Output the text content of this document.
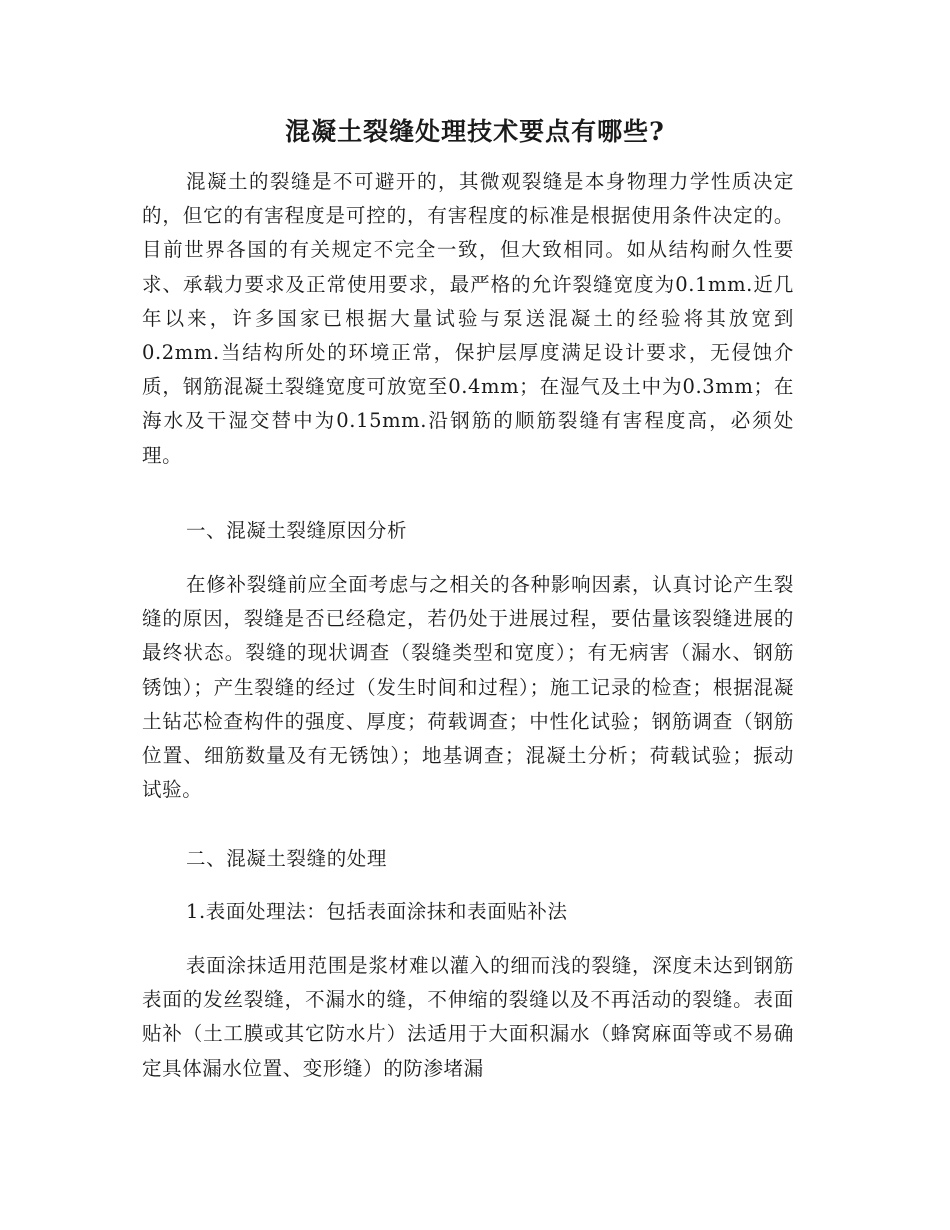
混凝土裂缝处理技术要点有哪些?

混凝土的裂缝是不可避开的，其微观裂缝是本身物理力学性质决定的，但它的有害程度是可控的，有害程度的标准是根据使用条件决定的。目前世界各国的有关规定不完全一致，但大致相同。如从结构耐久性要求、承载力要求及正常使用要求，最严格的允许裂缝宽度为0.1mm.近几年以来，许多国家已根据大量试验与泵送混凝土的经验将其放宽到0.2mm.当结构所处的环境正常，保护层厚度满足设计要求，无侵蚀介质，钢筋混凝土裂缝宽度可放宽至0.4mm；在湿气及土中为0.3mm；在海水及干湿交替中为0.15mm.沿钢筋的顺筋裂缝有害程度高，必须处理。

一、混凝土裂缝原因分析

在修补裂缝前应全面考虑与之相关的各种影响因素，认真讨论产生裂缝的原因，裂缝是否已经稳定，若仍处于进展过程，要估量该裂缝进展的最终状态。裂缝的现状调查（裂缝类型和宽度）；有无病害（漏水、钢筋锈蚀）；产生裂缝的经过（发生时间和过程）；施工记录的检查；根据混凝土钻芯检查构件的强度、厚度；荷载调查；中性化试验；钢筋调查（钢筋位置、细筋数量及有无锈蚀）；地基调查；混凝土分析；荷载试验；振动试验。

二、混凝土裂缝的处理

1.表面处理法：包括表面涂抹和表面贴补法

表面涂抹适用范围是浆材难以灌入的细而浅的裂缝，深度未达到钢筋表面的发丝裂缝，不漏水的缝，不伸缩的裂缝以及不再活动的裂缝。表面贴补（土工膜或其它防水片）法适用于大面积漏水（蜂窝麻面等或不易确定具体漏水位置、变形缝）的防渗堵漏
